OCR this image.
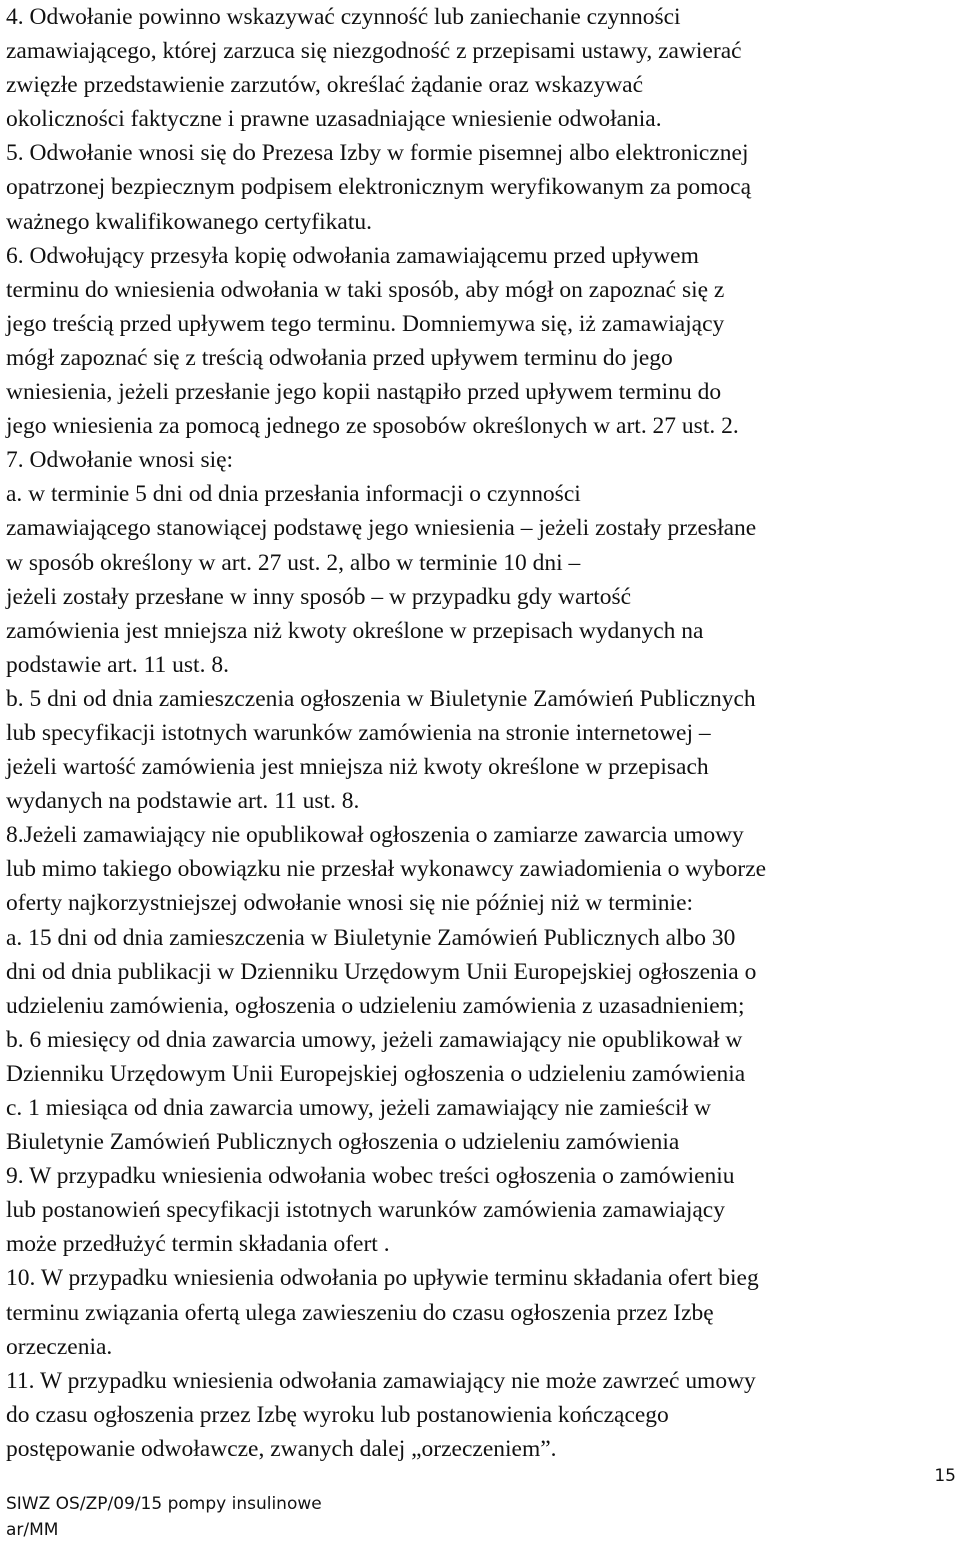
4. Odwołanie powinno wskazywać czynność lub zaniechanie czynności
zamawiającego, której zarzuca się niezgodność z przepisami ustawy, zawierać
zwięzłe przedstawienie zarzutów, określać żądanie oraz wskazywać
okoliczności faktyczne i prawne uzasadniające wniesienie odwołania.
5. Odwołanie wnosi się do Prezesa Izby w formie pisemnej albo elektronicznej
opatrzonej bezpiecznym podpisem elektronicznym weryfikowanym za pomocą
ważnego kwalifikowanego certyfikatu.
6. Odwołujący przesyła kopię odwołania zamawiającemu przed upływem
terminu do wniesienia odwołania w taki sposób, aby mógł on zapoznać się z
jego treścią przed upływem tego terminu. Domniemywa się, iż zamawiający
mógł zapoznać się z treścią odwołania przed upływem terminu do jego
wniesienia, jeżeli przesłanie jego kopii nastąpiło przed upływem terminu do
jego wniesienia za pomocą jednego ze sposobów określonych w art. 27 ust. 2.
7. Odwołanie wnosi się:
a. w terminie 5 dni od dnia przesłania informacji o czynności
zamawiającego stanowiącej podstawę jego wniesienia – jeżeli zostały przesłane
w sposób określony w art. 27 ust. 2, albo w terminie 10 dni –
jeżeli zostały przesłane w inny sposób – w przypadku gdy wartość
zamówienia jest mniejsza niż kwoty określone w przepisach wydanych na
podstawie art. 11 ust. 8.
b. 5 dni od dnia zamieszczenia ogłoszenia w Biuletynie Zamówień Publicznych
lub specyfikacji istotnych warunków zamówienia na stronie internetowej –
jeżeli wartość zamówienia jest mniejsza niż kwoty określone w przepisach
wydanych na podstawie art. 11 ust. 8.
8.Jeżeli zamawiający nie opublikował ogłoszenia o zamiarze zawarcia umowy
lub mimo takiego obowiązku nie przesłał wykonawcy zawiadomienia o wyborze
oferty najkorzystniejszej odwołanie wnosi się nie później niż w terminie:
a. 15 dni od dnia zamieszczenia w Biuletynie Zamówień Publicznych albo 30
dni od dnia publikacji w Dzienniku Urzędowym Unii Europejskiej ogłoszenia o
udzieleniu zamówienia, ogłoszenia o udzieleniu zamówienia z uzasadnieniem;
b. 6 miesięcy od dnia zawarcia umowy, jeżeli zamawiający nie opublikował w
Dzienniku Urzędowym Unii Europejskiej ogłoszenia o udzieleniu zamówienia
c. 1 miesiąca od dnia zawarcia umowy, jeżeli zamawiający nie zamieścił w
Biuletynie Zamówień Publicznych ogłoszenia o udzieleniu zamówienia
9. W przypadku wniesienia odwołania wobec treści ogłoszenia o zamówieniu
lub postanowień specyfikacji istotnych warunków zamówienia zamawiający
może przedłużyć termin składania ofert .
10. W przypadku wniesienia odwołania po upływie terminu składania ofert bieg
terminu związania ofertą ulega zawieszeniu do czasu ogłoszenia przez Izbę
orzeczenia.
11. W przypadku wniesienia odwołania zamawiający nie może zawrzeć umowy
do czasu ogłoszenia przez Izbę wyroku lub postanowienia kończącego
postępowanie odwoławcze, zwanych dalej „orzeczeniem”.
15
SIWZ OS/ZP/09/15 pompy insulinowe
ar/MM
